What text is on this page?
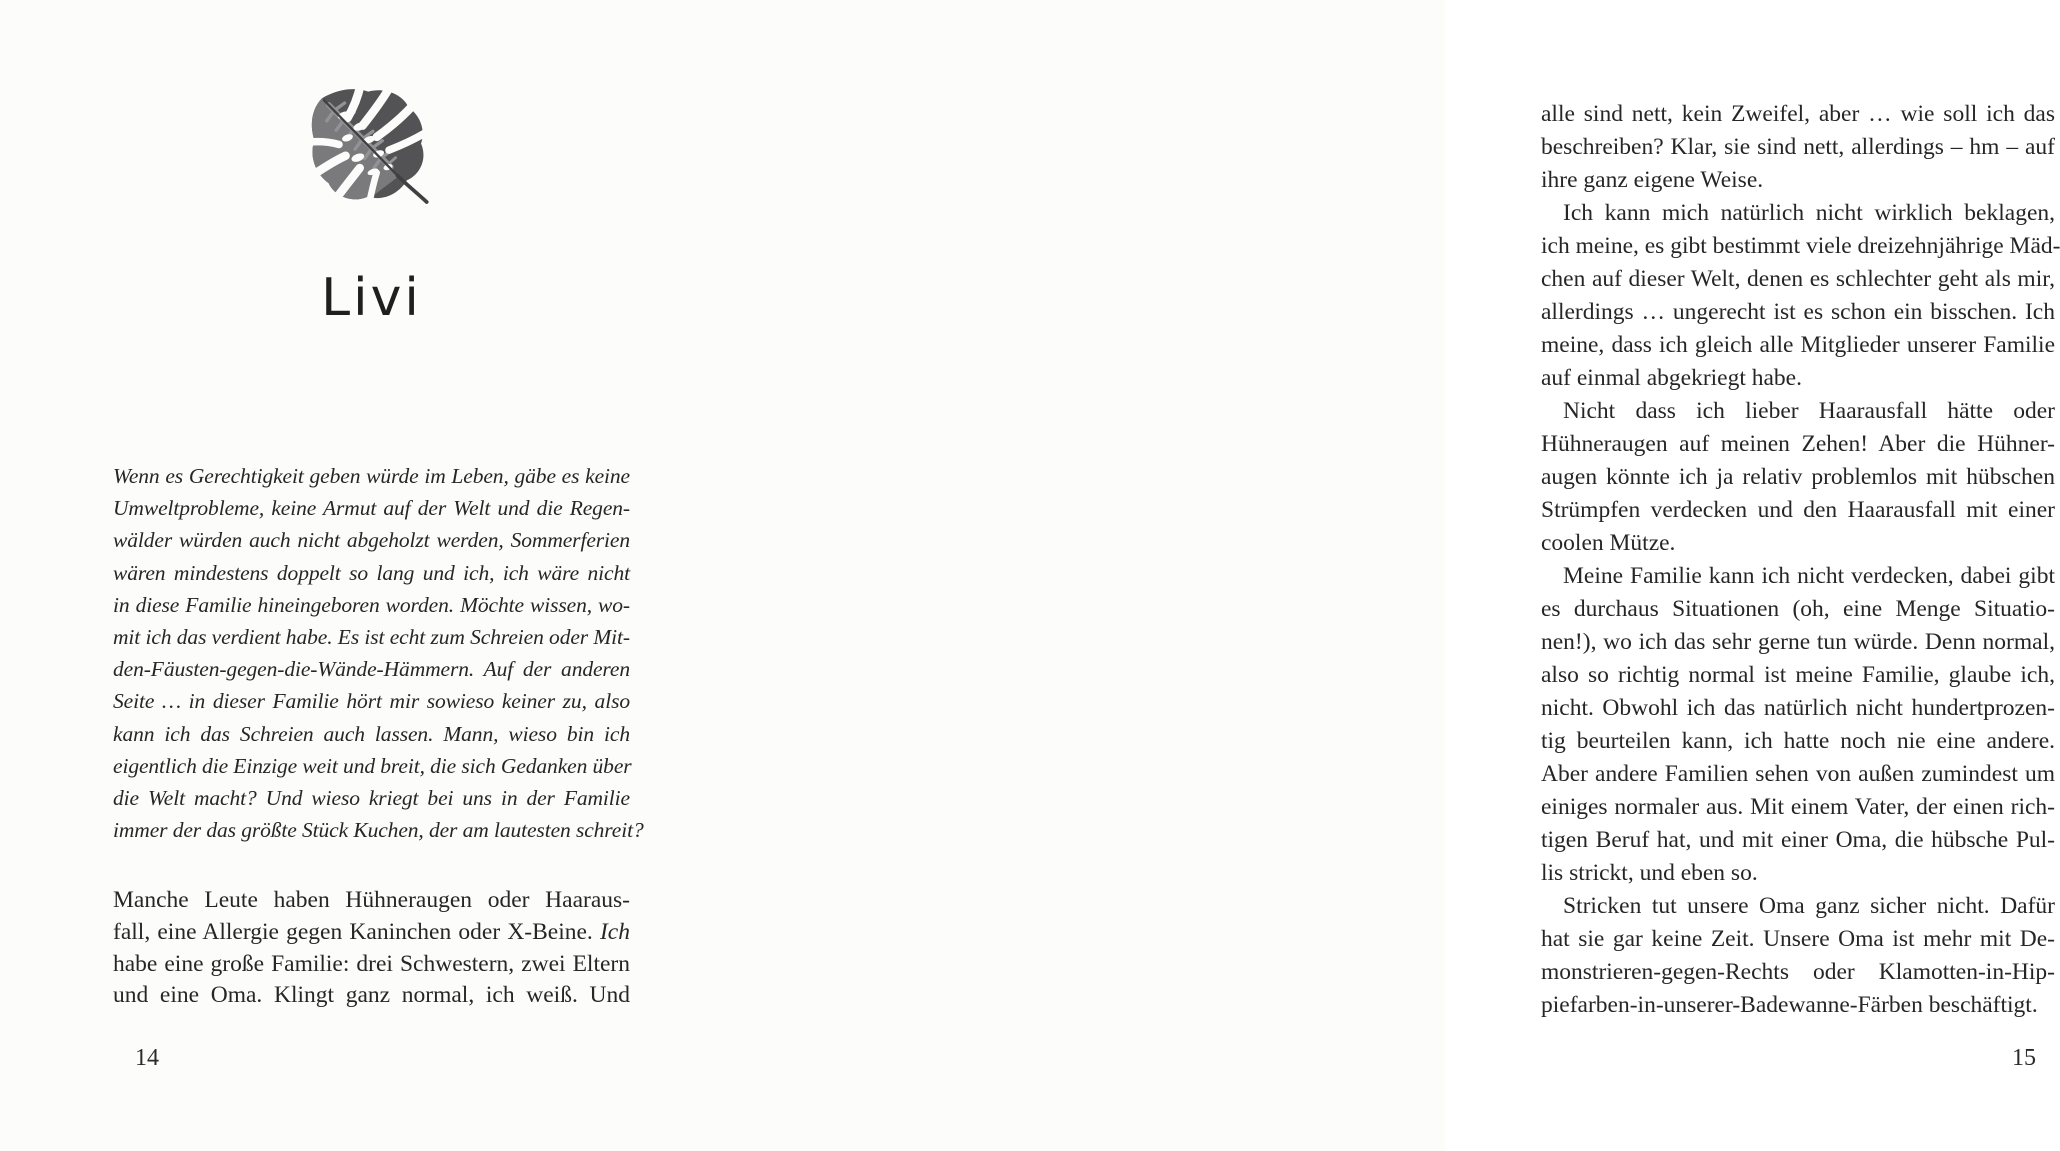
Livi
Wenn es Gerechtigkeit geben würde im Leben, gäbe es keine
Umweltprobleme, keine Armut auf der Welt und die Regen-
wälder würden auch nicht abgeholzt werden, Sommerferien
wären mindestens doppelt so lang und ich, ich wäre nicht
in diese Familie hineingeboren worden. Möchte wissen, wo-
mit ich das verdient habe. Es ist echt zum Schreien oder Mit-
den-Fäusten-gegen-die-Wände-Hämmern. Auf der anderen
Seite … in dieser Familie hört mir sowieso keiner zu, also
kann ich das Schreien auch lassen. Mann, wieso bin ich
eigentlich die Einzige weit und breit, die sich Gedanken über
die Welt macht? Und wieso kriegt bei uns in der Familie
immer der das größte Stück Kuchen, der am lautesten schreit?
Manche Leute haben Hühneraugen oder Haaraus-
fall, eine Allergie gegen Kaninchen oder X-Beine. Ich
habe eine große Familie: drei Schwestern, zwei Eltern
und eine Oma. Klingt ganz normal, ich weiß. Und
14
alle sind nett, kein Zweifel, aber … wie soll ich das
beschreiben? Klar, sie sind nett, allerdings – hm – auf
ihre ganz eigene Weise.
Ich kann mich natürlich nicht wirklich beklagen,
ich meine, es gibt bestimmt viele dreizehnjährige Mäd-
chen auf dieser Welt, denen es schlechter geht als mir,
allerdings … ungerecht ist es schon ein bisschen. Ich
meine, dass ich gleich alle Mitglieder unserer Familie
auf einmal abgekriegt habe.
Nicht dass ich lieber Haarausfall hätte oder
Hühneraugen auf meinen Zehen! Aber die Hühner-
augen könnte ich ja relativ problemlos mit hübschen
Strümpfen verdecken und den Haarausfall mit einer
coolen Mütze.
Meine Familie kann ich nicht verdecken, dabei gibt
es durchaus Situationen (oh, eine Menge Situatio-
nen!), wo ich das sehr gerne tun würde. Denn normal,
also so richtig normal ist meine Familie, glaube ich,
nicht. Obwohl ich das natürlich nicht hundertprozen-
tig beurteilen kann, ich hatte noch nie eine andere.
Aber andere Familien sehen von außen zumindest um
einiges normaler aus. Mit einem Vater, der einen rich-
tigen Beruf hat, und mit einer Oma, die hübsche Pul-
lis strickt, und eben so.
Stricken tut unsere Oma ganz sicher nicht. Dafür
hat sie gar keine Zeit. Unsere Oma ist mehr mit De-
monstrieren-gegen-Rechts oder Klamotten-in-Hip-
piefarben-in-unserer-Badewanne-Färben beschäftigt.
15
